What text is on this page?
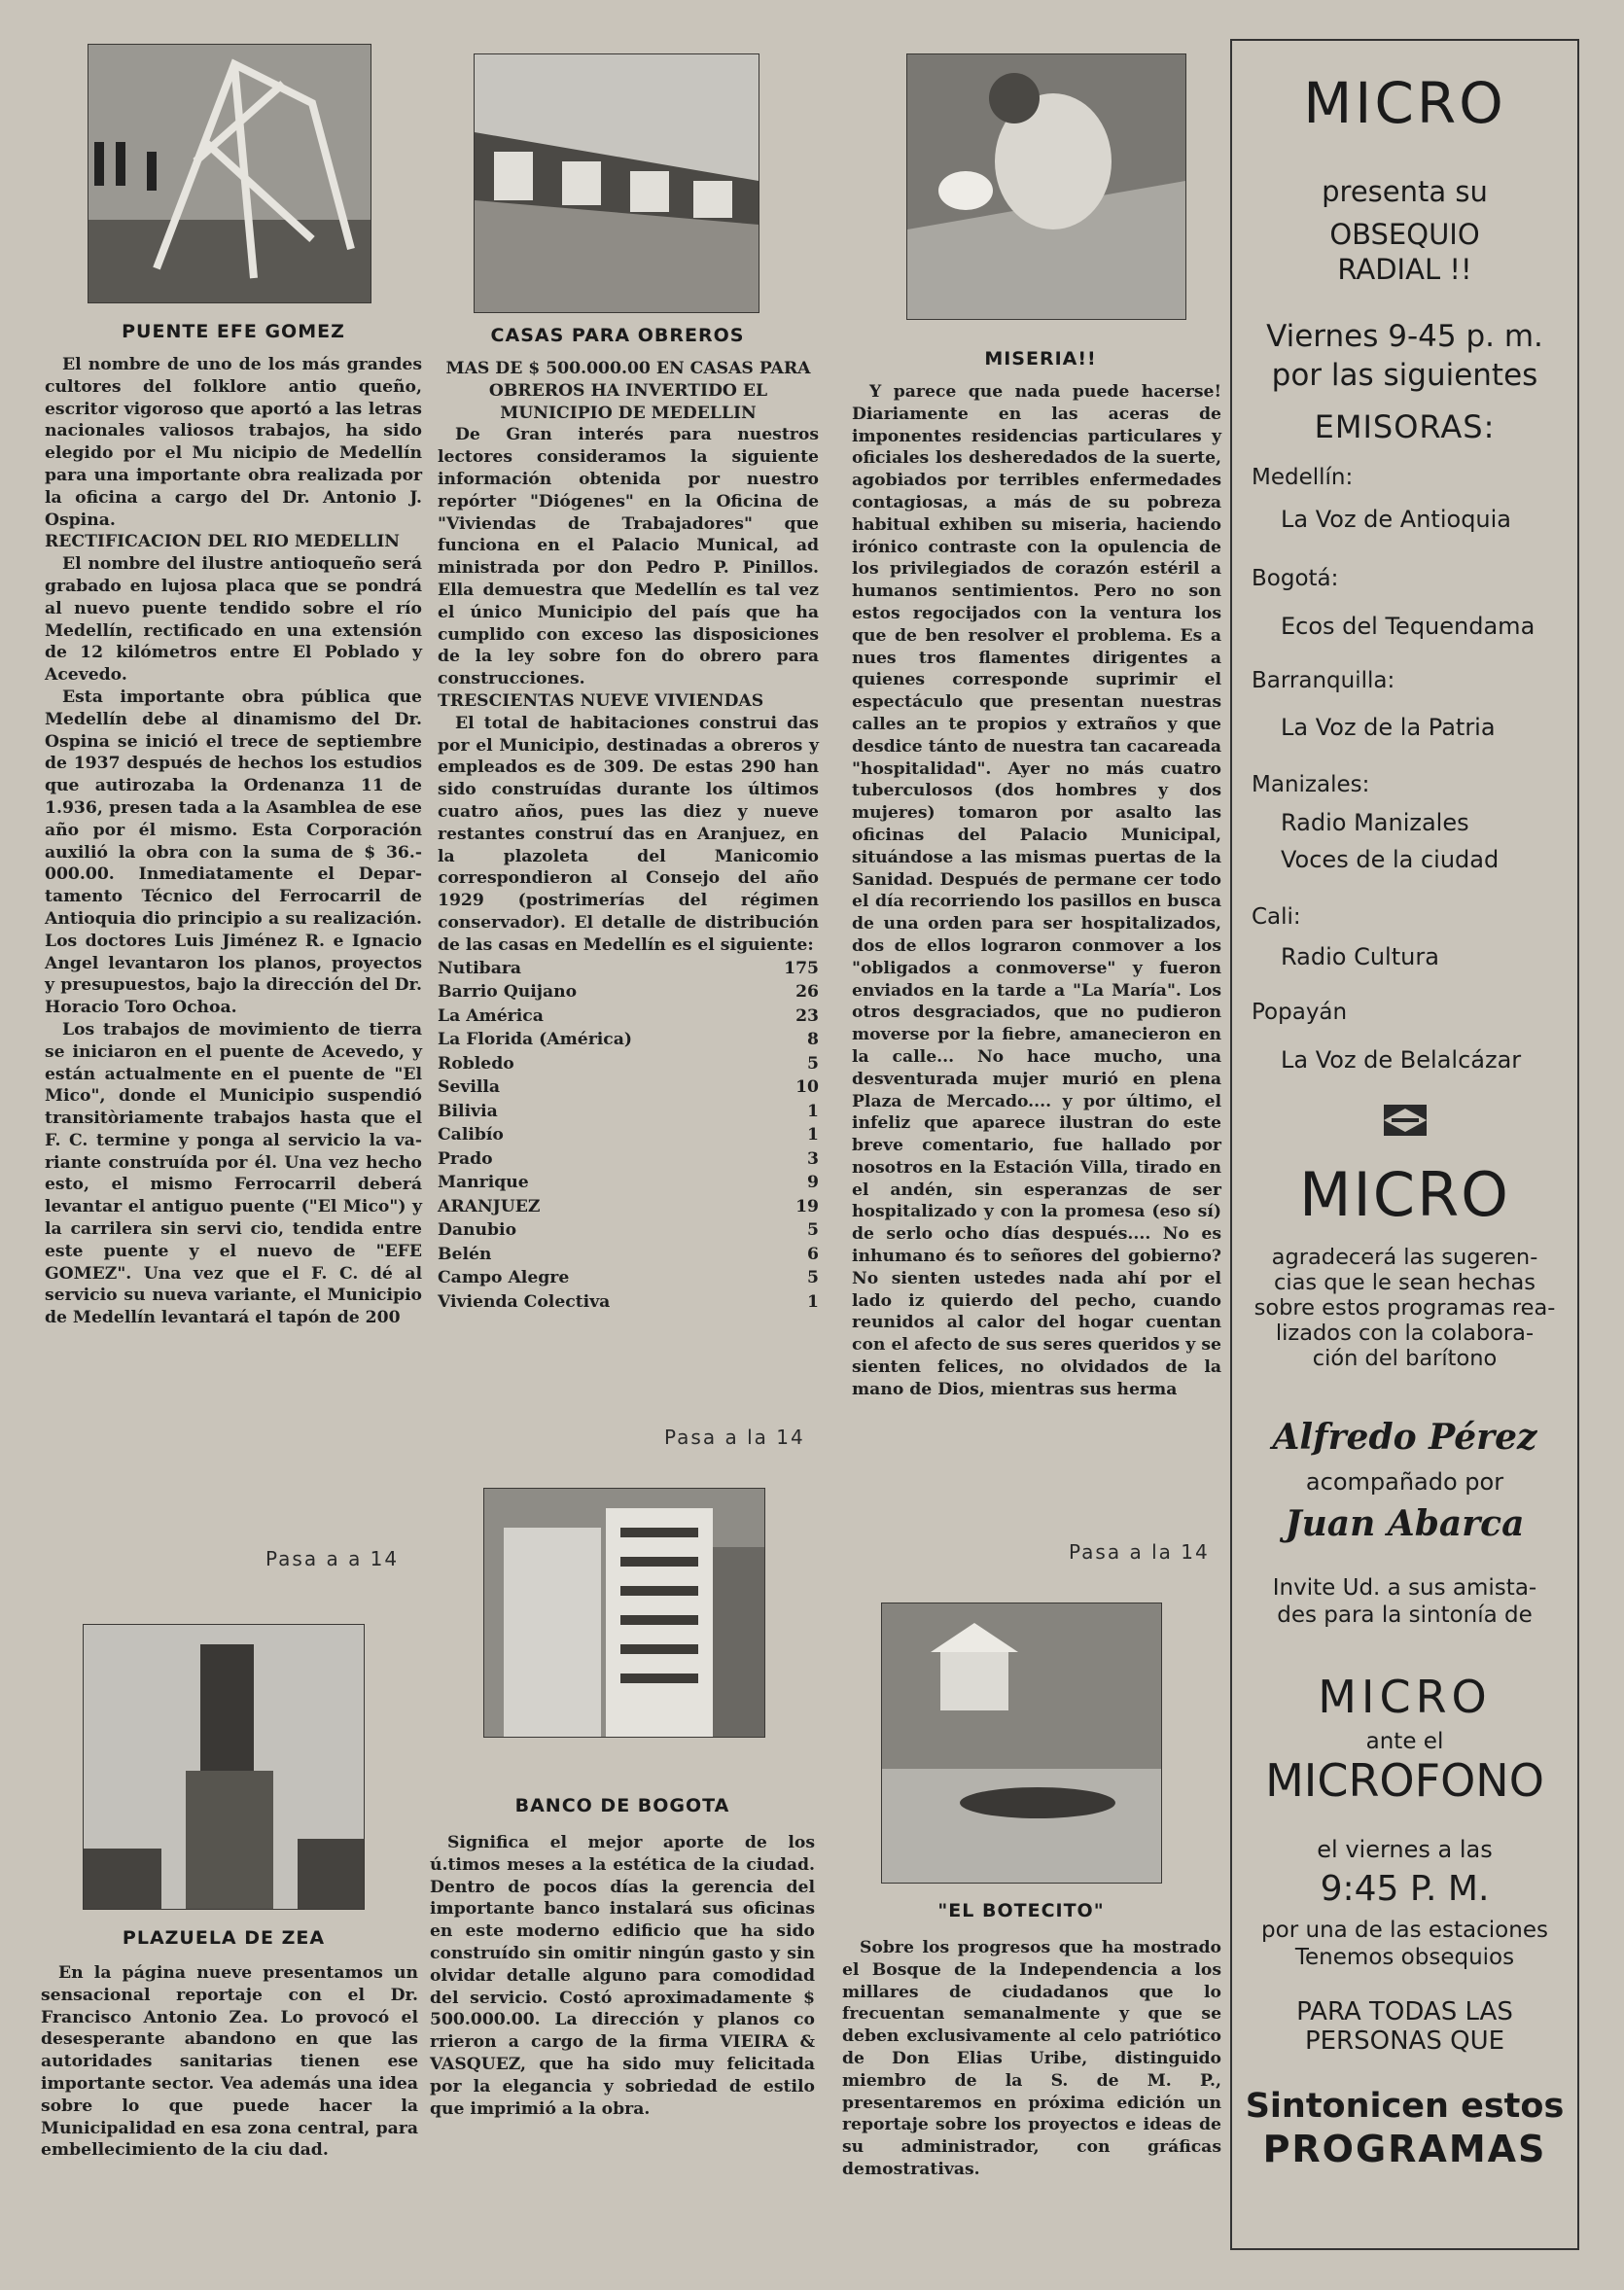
PUENTE EFE GOMEZ	CASAS PARA OBREROS
MISERIA!!

El nombre de uno de los más grandes cultores del folklore antio queño, escritor vigoroso que aportó a las letras nacionales valiosos trabajos, ha sido elegido por el Mu nicipio de Medellín para una importante obra realizada por la oficina a cargo del Dr. Antonio J. Ospina.

RECTIFICACION DEL RIO MEDELLIN

El nombre del ilustre antioqueño será grabado en lujosa placa que se pondrá al nuevo puente tendido sobre el río Medellín, rectificado en una extensión de 12 kilómetros entre El Poblado y Acevedo.

Esta importante obra pública que Medellín debe al dinamismo del Dr. Ospina se inició el trece de septiembre de 1937 después de hechos los estudios que autirozaba la Ordenanza 11 de 1.936, presen tada a la Asamblea de ese año por él mismo. Esta Corporación auxilió la obra con la suma de $ 36.000.00. Inmediatamente el Departamento Técnico del Ferrocarril de Antioquia dio principio a su realización. Los doctores Luis Jiménez R. e Ignacio Angel levantaron los planos, proyectos y presupuestos, bajo la dirección del Dr. Horacio Toro Ochoa.

Los trabajos de movimiento de tierra se iniciaron en el puente de Acevedo, y están actualmente en el puente de "El Mico", donde el Municipio suspendió transitòriamente trabajos hasta que el F. C. termine y ponga al servicio la variante construída por él. Una vez hecho esto, el mismo Ferrocarril deberá levantar el antiguo puente ("El Mico") y la carrilera sin servi cio, tendida entre este puente y el nuevo de "EFE GOMEZ". Una vez que el F. C. dé al servicio su nueva variante, el Municipio de Medellín levantará el tapón de 200

Pasa a a 14

MAS DE $ 500.000.00 EN CASAS PARA OBREROS HA INVERTIDO EL MUNICIPIO DE MEDELLIN

De Gran interés para nuestros lectores consideramos la siguiente información obtenida por nuestro repórter "Diógenes" en la Oficina de "Viviendas de Trabajadores" que funciona en el Palacio Munical, ad ministrada por don Pedro P. Pinillos. Ella demuestra que Medellín es tal vez el único Municipio del país que ha cumplido con exceso las disposiciones de la ley sobre fon do obrero para construcciones.

TRESCIENTAS NUEVE VIVIENDAS

El total de habitaciones construi das por el Municipio, destinadas a obreros y empleados es de 309. De estas 290 han sido construídas durante los últimos cuatro años, pues las diez y nueve restantes construí das en Aranjuez, en la plazoleta del Manicomio correspondieron al Consejo del año 1929 (postrimerías del régimen conservador). El detalle de distribución de las casas en Medellín es el siguiente:

Nutibara	175
Barrio Quijano	26
La América	23
La Florida (América)	8
Robledo	5
Sevilla	10
Bilivia	1
Calibío	1
Prado	3
Manrique	9
ARANJUEZ	19
Danubio	5
Belén	6
Campo Alegre	5
Vivienda Colectiva	1
Pasa a la 14

Y parece que nada puede hacerse! Diariamente en las aceras de imponentes residencias particulares y oficiales los desheredados de la suerte, agobiados por terribles enfermedades contagiosas, a más de su pobreza habitual exhiben su miseria, haciendo irónico contraste con la opulencia de los privilegiados de corazón estéril a humanos sentimientos. Pero no son estos regocijados con la ventura los que de ben resolver el problema. Es a nues tros flamentes dirigentes a quienes corresponde suprimir el espectáculo que presentan nuestras calles an te propios y extraños y que desdice tánto de nuestra tan cacareada "hospitalidad". Ayer no más cuatro tuberculosos (dos hombres y dos mujeres) tomaron por asalto las oficinas del Palacio Municipal, situándose a las mismas puertas de la Sanidad. Después de permane cer todo el día recorriendo los pasillos en busca de una orden para ser hospitalizados, dos de ellos lograron conmover a los "obligados a conmoverse" y fueron enviados en la tarde a "La María". Los otros desgraciados, que no pudieron moverse por la fiebre, amanecieron en la calle... No hace mucho, una desventurada mujer murió en plena Plaza de Mercado.... y por último, el infeliz que aparece ilustran do este breve comentario, fue hallado por nosotros en la Estación Villa, tirado en el andén, sin esperanzas de ser hospitalizado y con la promesa (eso sí) de serlo ocho días después.... No es inhumano és to señores del gobierno? No sienten ustedes nada ahí por el lado iz quierdo del pecho, cuando reunidos al calor del hogar cuentan con el afecto de sus seres queridos y se sienten felices, no olvidados de la mano de Dios, mientras sus herma

Pasa a la 14
PLAZUELA DE ZEA
BANCO DE BOGOTA
"EL BOTECITO"

En la página nueve presentamos un sensacional reportaje con el Dr. Francisco Antonio Zea. Lo provocó el desesperante abandono en que las autoridades sanitarias tienen ese importante sector. Vea además una idea sobre lo que puede hacer la Municipalidad en esa zona central, para embellecimiento de la ciu dad.

Significa el mejor aporte de los ú.timos meses a la estética de la ciudad. Dentro de pocos días la gerencia del importante banco instalará sus oficinas en este moderno edificio que ha sido construído sin omitir ningún gasto y sin olvidar detalle alguno para comodidad del servicio. Costó aproximadamente $ 500.000.00. La dirección y planos co rrieron a cargo de la firma VIEIRA & VASQUEZ, que ha sido muy felicitada por la elegancia y sobriedad de estilo que imprimió a la obra.

Sobre los progresos que ha mostrado el Bosque de la Independencia a los millares de ciudadanos que lo frecuentan semanalmente y que se deben exclusivamente al celo patriótico de Don Elias Uribe, distinguido miembro de la S. de M. P., presentaremos en próxima edición un reportaje sobre los proyectos e ideas de su administrador, con gráficas demostrativas.

MICRO
presenta su
OBSEQUIO
RADIAL !!
Viernes 9-45 p. m.
por las siguientes
EMISORAS:
Medellín:
La Voz de Antioquia
Bogotá:
Ecos del Tequendama
Barranquilla:
La Voz de la Patria
Manizales:
Radio Manizales
Voces de la ciudad
Cali:
Radio Cultura
Popayán
La Voz de Belalcázar
MICRO
agradecerá las sugeren-
cias que le sean hechas
sobre estos programas rea-
lizados con la colabora-
ción del barítono
Alfredo Pérez
acompañado por
Juan Abarca
Invite Ud. a sus amista-
des para la sintonía de
MICRO
ante el
MICROFONO
el viernes a las
9:45 P. M.
por una de las estaciones
Tenemos obsequios
PARA TODAS LAS
PERSONAS QUE
Sintonicen estos
PROGRAMAS
